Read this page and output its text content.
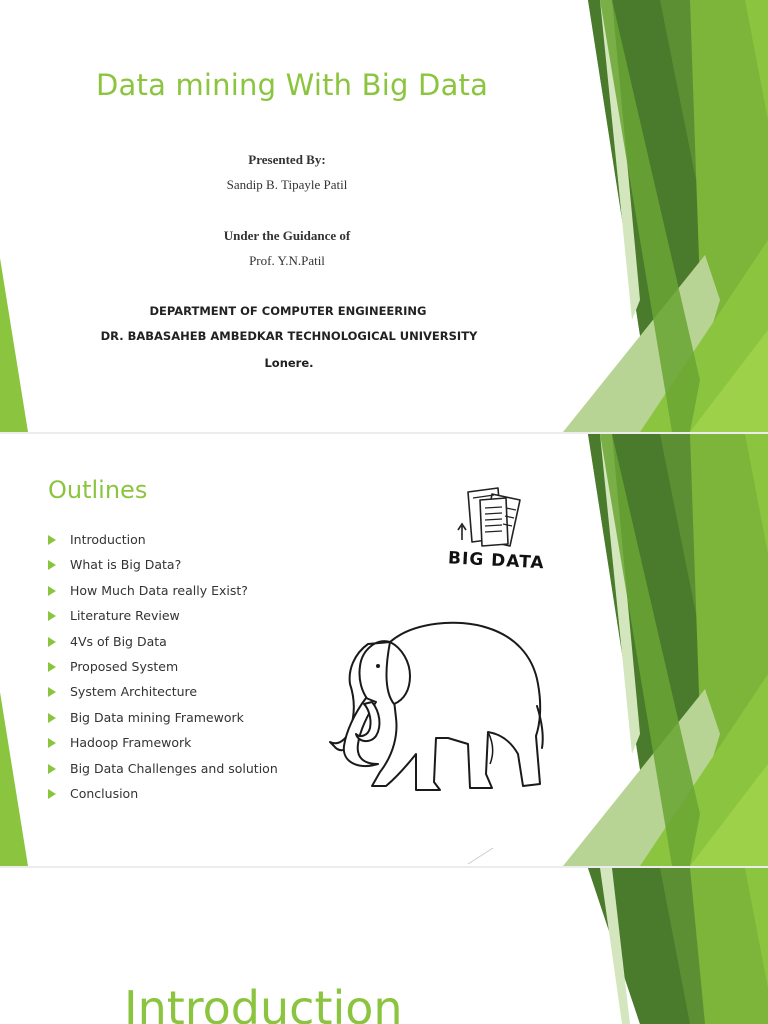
Data mining With Big Data
Presented By:
Sandip B. Tipayle Patil
Under the Guidance of
Prof. Y.N.Patil
DEPARTMENT OF COMPUTER ENGINEERING
DR. BABASAHEB AMBEDKAR TECHNOLOGICAL UNIVERSITY
Lonere.
Outlines
Introduction
What is Big Data?
How Much Data really Exist?
Literature Review
4Vs of Big Data
Proposed System
System Architecture
Big Data mining Framework
Hadoop Framework
Big Data Challenges and solution
Conclusion
BIG DATA
Introduction
